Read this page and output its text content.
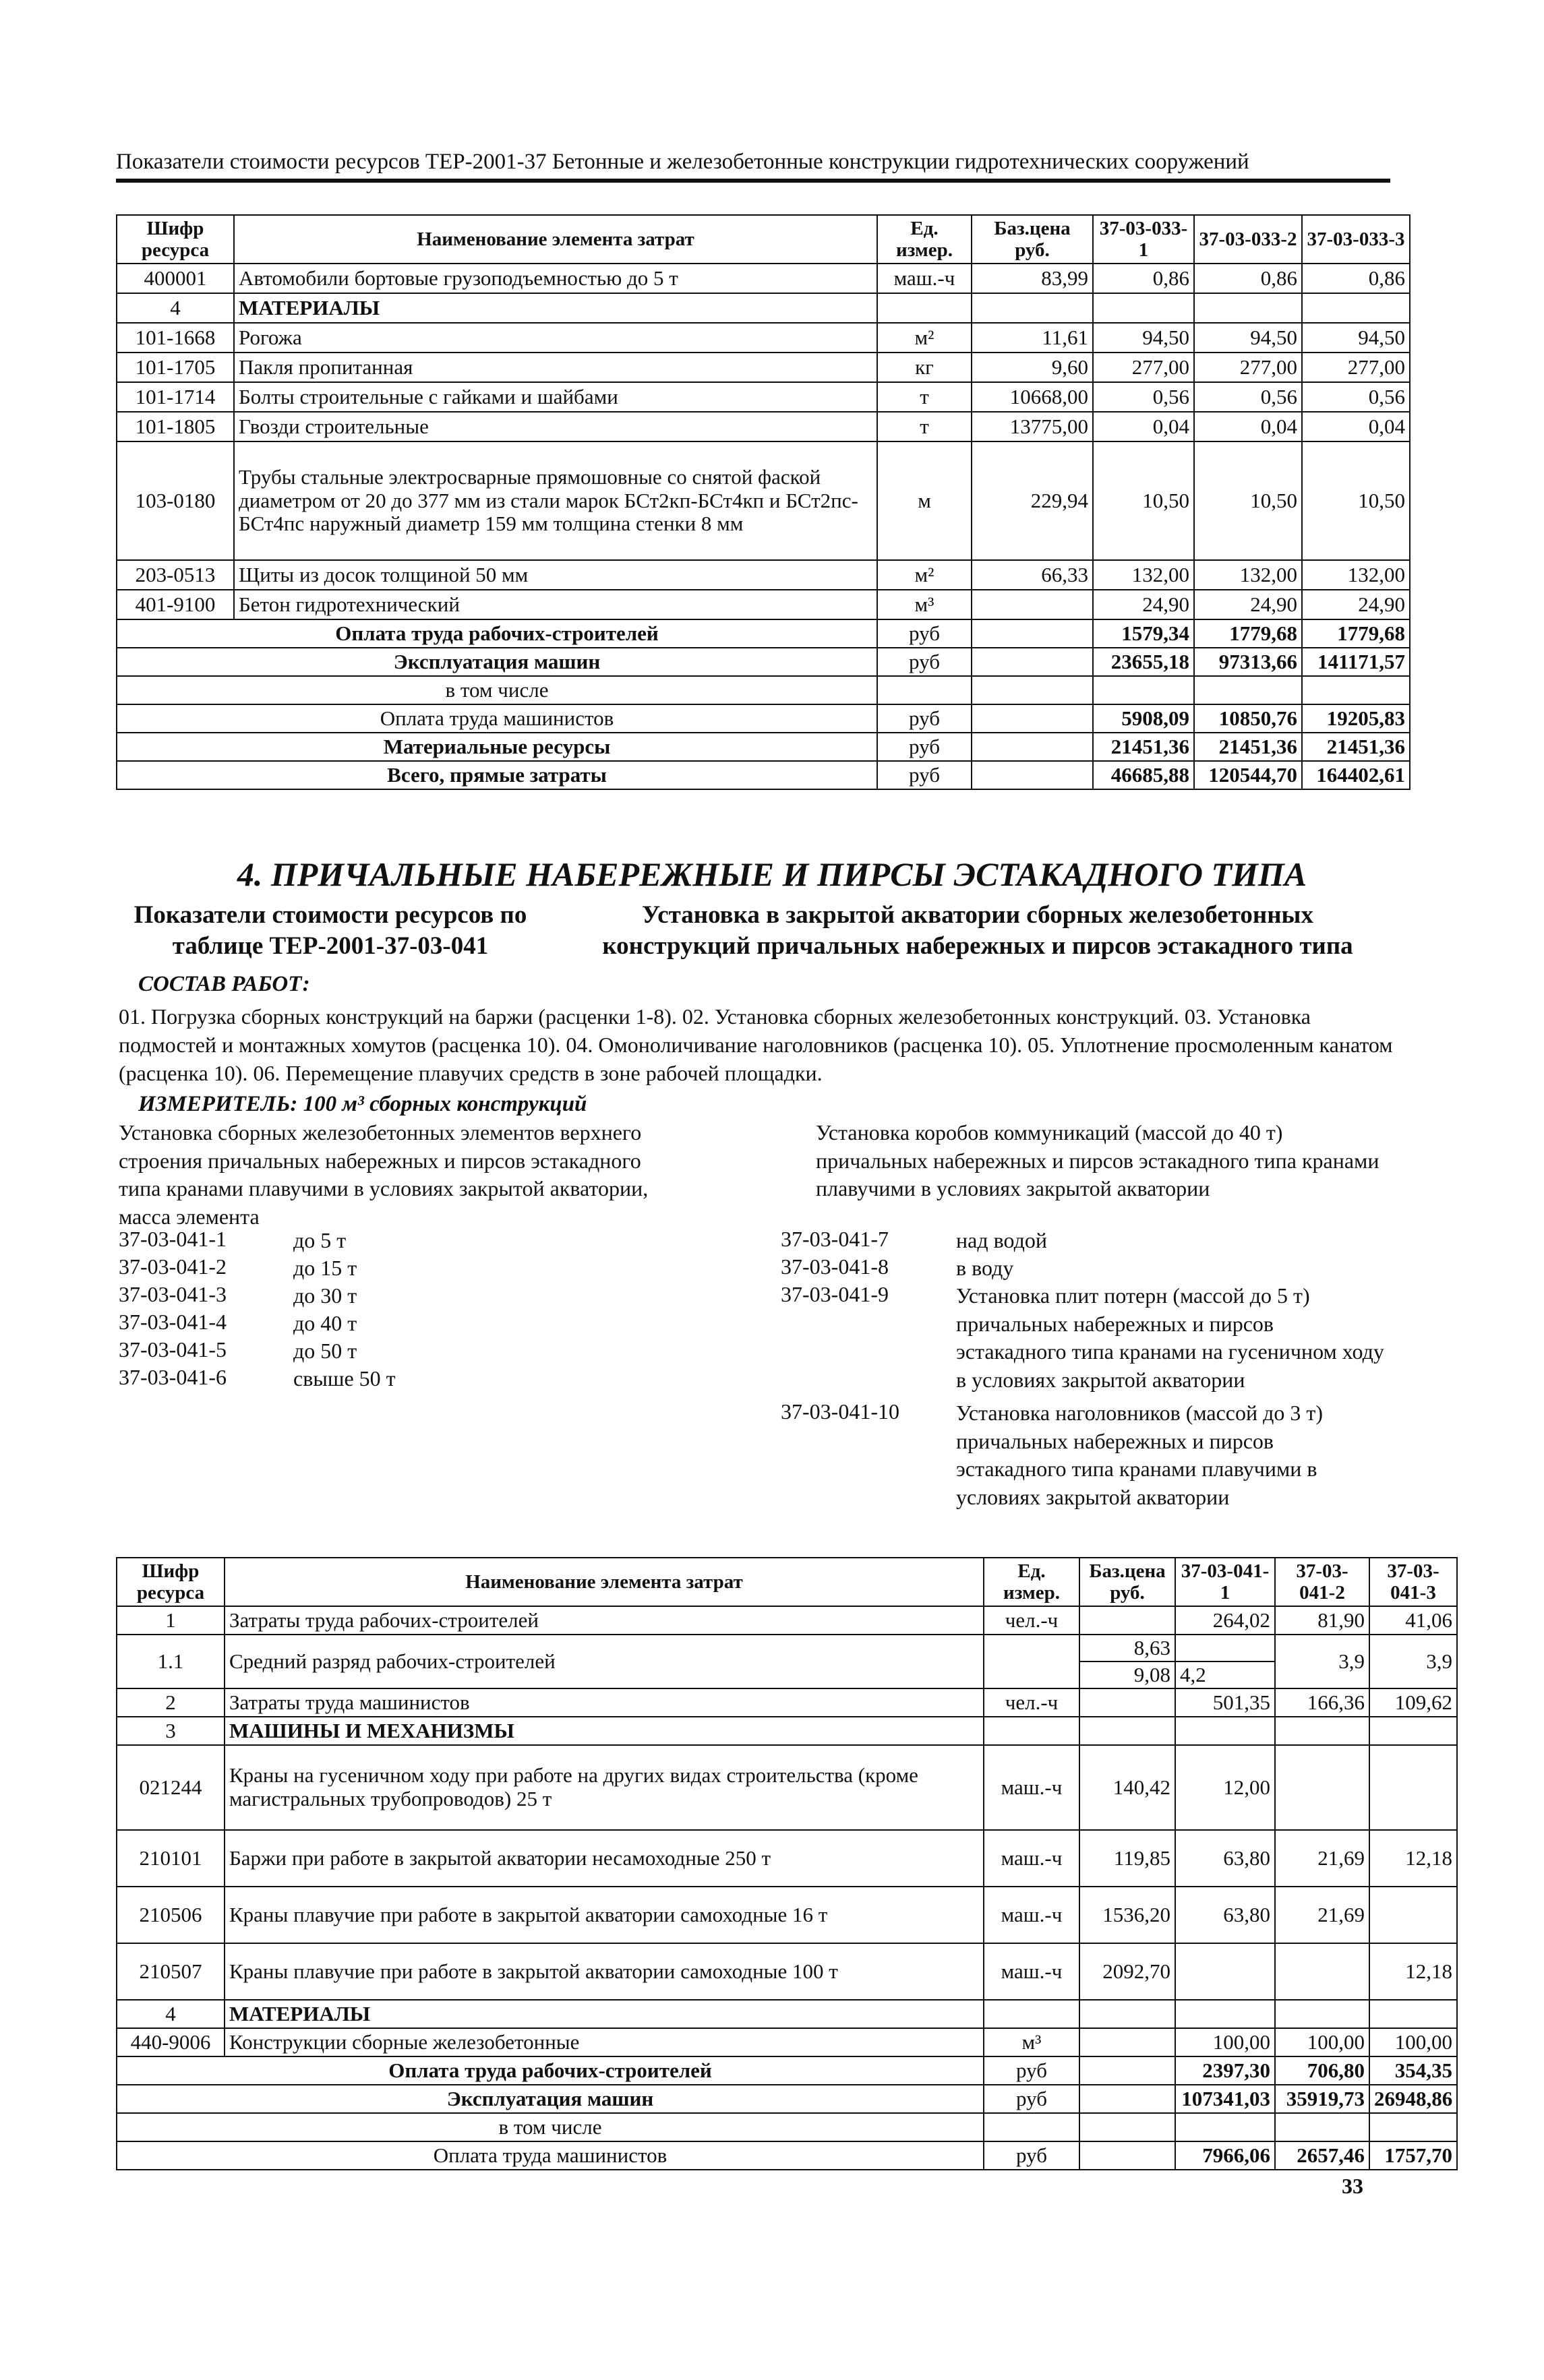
Показатели стоимости ресурсов ТЕР-2001-37 Бетонные и железобетонные конструкции гидротехнических сооружений
Шифр ресурса	Наименование элемента затрат	Ед. измер.	Баз.цена руб.	37-03-033-1	37-03-033-2	37-03-033-3
400001	Автомобили бортовые грузоподъемностью до 5 т	маш.-ч	83,99	0,86	0,86	0,86
4	МАТЕРИАЛЫ					
101-1668	Рогожа	м²	11,61	94,50	94,50	94,50
101-1705	Пакля пропитанная	кг	9,60	277,00	277,00	277,00
101-1714	Болты строительные с гайками и шайбами	т	10668,00	0,56	0,56	0,56
101-1805	Гвозди строительные	т	13775,00	0,04	0,04	0,04
103-0180	Трубы стальные электросварные прямошовные со снятой фаской диаметром от 20 до 377 мм из стали марок БСт2кп-БСт4кп и БСт2пс-БСт4пс наружный диаметр 159 мм толщина стенки 8 мм	м	229,94	10,50	10,50	10,50
203-0513	Щиты из досок толщиной 50 мм	м²	66,33	132,00	132,00	132,00
401-9100	Бетон гидротехнический	м³		24,90	24,90	24,90
Оплата труда рабочих-строителей		руб		1579,34	1779,68	1779,68
Эксплуатация машин		руб		23655,18	97313,66	141171,57
в том числе						
Оплата труда машинистов		руб		5908,09	10850,76	19205,83
Материальные ресурсы		руб		21451,36	21451,36	21451,36
Всего, прямые затраты		руб		46685,88	120544,70	164402,61
4. ПРИЧАЛЬНЫЕ НАБЕРЕЖНЫЕ И ПИРСЫ ЭСТАКАДНОГО ТИПА
Показатели стоимости ресурсов по
таблице ТЕР-2001-37-03-041
Установка в закрытой акватории сборных железобетонных
конструкций причальных набережных и пирсов эстакадного типа
СОСТАВ РАБОТ:
01. Погрузка сборных конструкций на баржи (расценки 1-8). 02. Установка сборных железобетонных конструкций. 03. Установка подмостей и монтажных хомутов (расценка 10). 04. Омоноличивание наголовников (расценка 10). 05. Уплотнение просмоленным канатом (расценка 10). 06. Перемещение плавучих средств в зоне рабочей площадки.
ИЗМЕРИТЕЛЬ: 100 м³ сборных конструкций
Установка сборных железобетонных элементов верхнего строения причальных набережных и пирсов эстакадного типа кранами плавучими в условиях закрытой акватории, масса элемента
Установка коробов коммуникаций (массой до 40 т) причальных набережных и пирсов эстакадного типа кранами плавучими в условиях закрытой акватории
37-03-041-1	до 5 т
37-03-041-2	до 15 т
37-03-041-3	до 30 т
37-03-041-4	до 40 т
37-03-041-5	до 50 т
37-03-041-6	свыше 50 т
37-03-041-7	над водой
37-03-041-8	в воду
37-03-041-9	Установка плит потерн (массой до 5 т) причальных набережных и пирсов эстакадного типа кранами на гусеничном ходу в условиях закрытой акватории
37-03-041-10	Установка наголовников (массой до 3 т) причальных набережных и пирсов эстакадного типа кранами плавучими в условиях закрытой акватории
Шифр ресурса	Наименование элемента затрат	Ед. измер.	Баз.цена руб.	37-03-041-1	37-03-041-2	37-03-041-3
1	Затраты труда рабочих-строителей	чел.-ч		264,02	81,90	41,06
1.1	Средний разряд рабочих-строителей		8,63		3,9	3,9
			9,08	4,2		
2	Затраты труда машинистов	чел.-ч		501,35	166,36	109,62
3	МАШИНЫ И МЕХАНИЗМЫ					
021244	Краны на гусеничном ходу при работе на других видах строительства (кроме магистральных трубопроводов) 25 т	маш.-ч	140,42	12,00		
210101	Баржи при работе в закрытой акватории несамоходные 250 т	маш.-ч	119,85	63,80	21,69	12,18
210506	Краны плавучие при работе в закрытой акватории самоходные 16 т	маш.-ч	1536,20	63,80	21,69	
210507	Краны плавучие при работе в закрытой акватории самоходные 100 т	маш.-ч	2092,70			12,18
4	МАТЕРИАЛЫ					
440-9006	Конструкции сборные железобетонные	м³		100,00	100,00	100,00
Оплата труда рабочих-строителей		руб		2397,30	706,80	354,35
Эксплуатация машин		руб		107341,03	35919,73	26948,86
в том числе						
Оплата труда машинистов		руб		7966,06	2657,46	1757,70
33
